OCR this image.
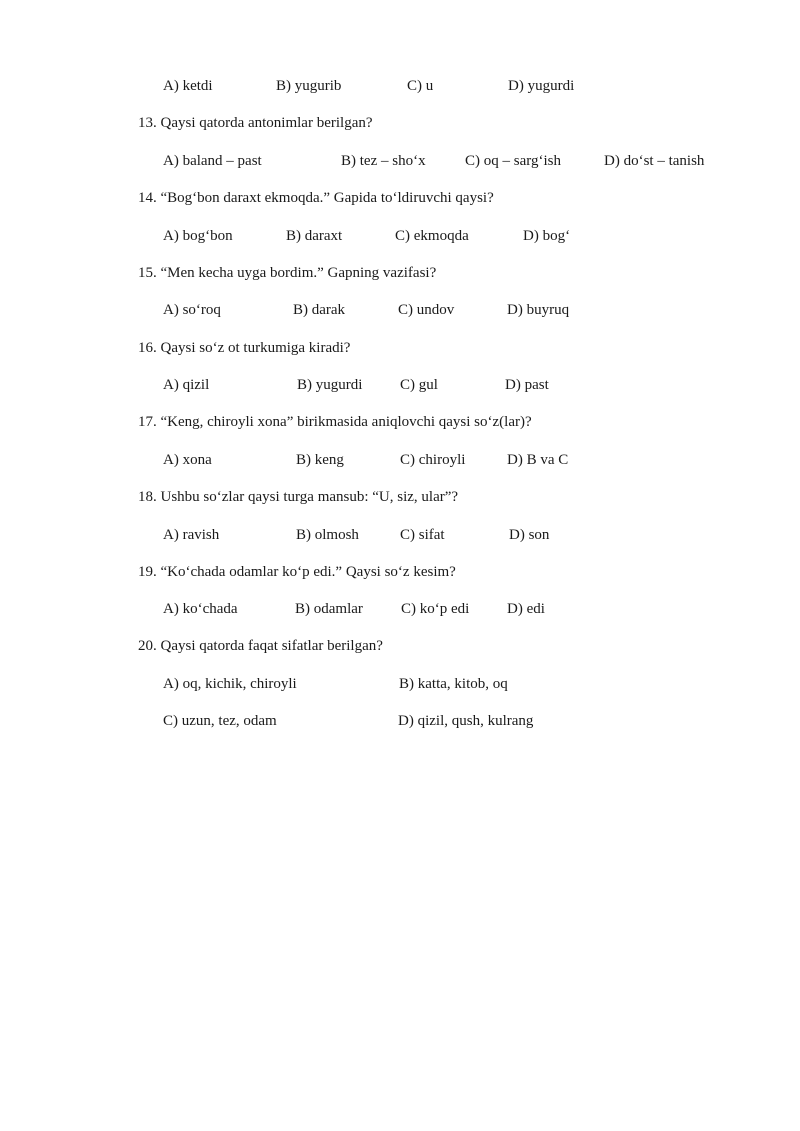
A) ketdi	B) yugurib	C) u	D) yugurdi
13. Qaysi qatorda antonimlar berilgan?
A) baland – past	B) tez – sho‘x	C) oq – sarg‘ish	D) do‘st – tanish
14. “Bog‘bon daraxt ekmoqda.” Gapida to‘ldiruvchi qaysi?
A) bog‘bon	B) daraxt	C) ekmoqda	D) bog‘
15. “Men kecha uyga bordim.” Gapning vazifasi?
A) so‘roq	B) darak	C) undov	D) buyruq
16. Qaysi so‘z ot turkumiga kiradi?
A) qizil	B) yugurdi	C) gul	D) past
17. “Keng, chiroyli xona” birikmasida aniqlovchi qaysi so‘z(lar)?
A) xona	B) keng	C) chiroyli	D) B va C
18. Ushbu so‘zlar qaysi turga mansub: “U, siz, ular”?
A) ravish	B) olmosh	C) sifat	D) son
19. “Ko‘chada odamlar ko‘p edi.” Qaysi so‘z kesim?
A) ko‘chada	B) odamlar	C) ko‘p edi	D) edi
20. Qaysi qatorda faqat sifatlar berilgan?
A) oq, kichik, chiroyli	B) katta, kitob, oq
C) uzun, tez, odam	D) qizil, qush, kulrang
